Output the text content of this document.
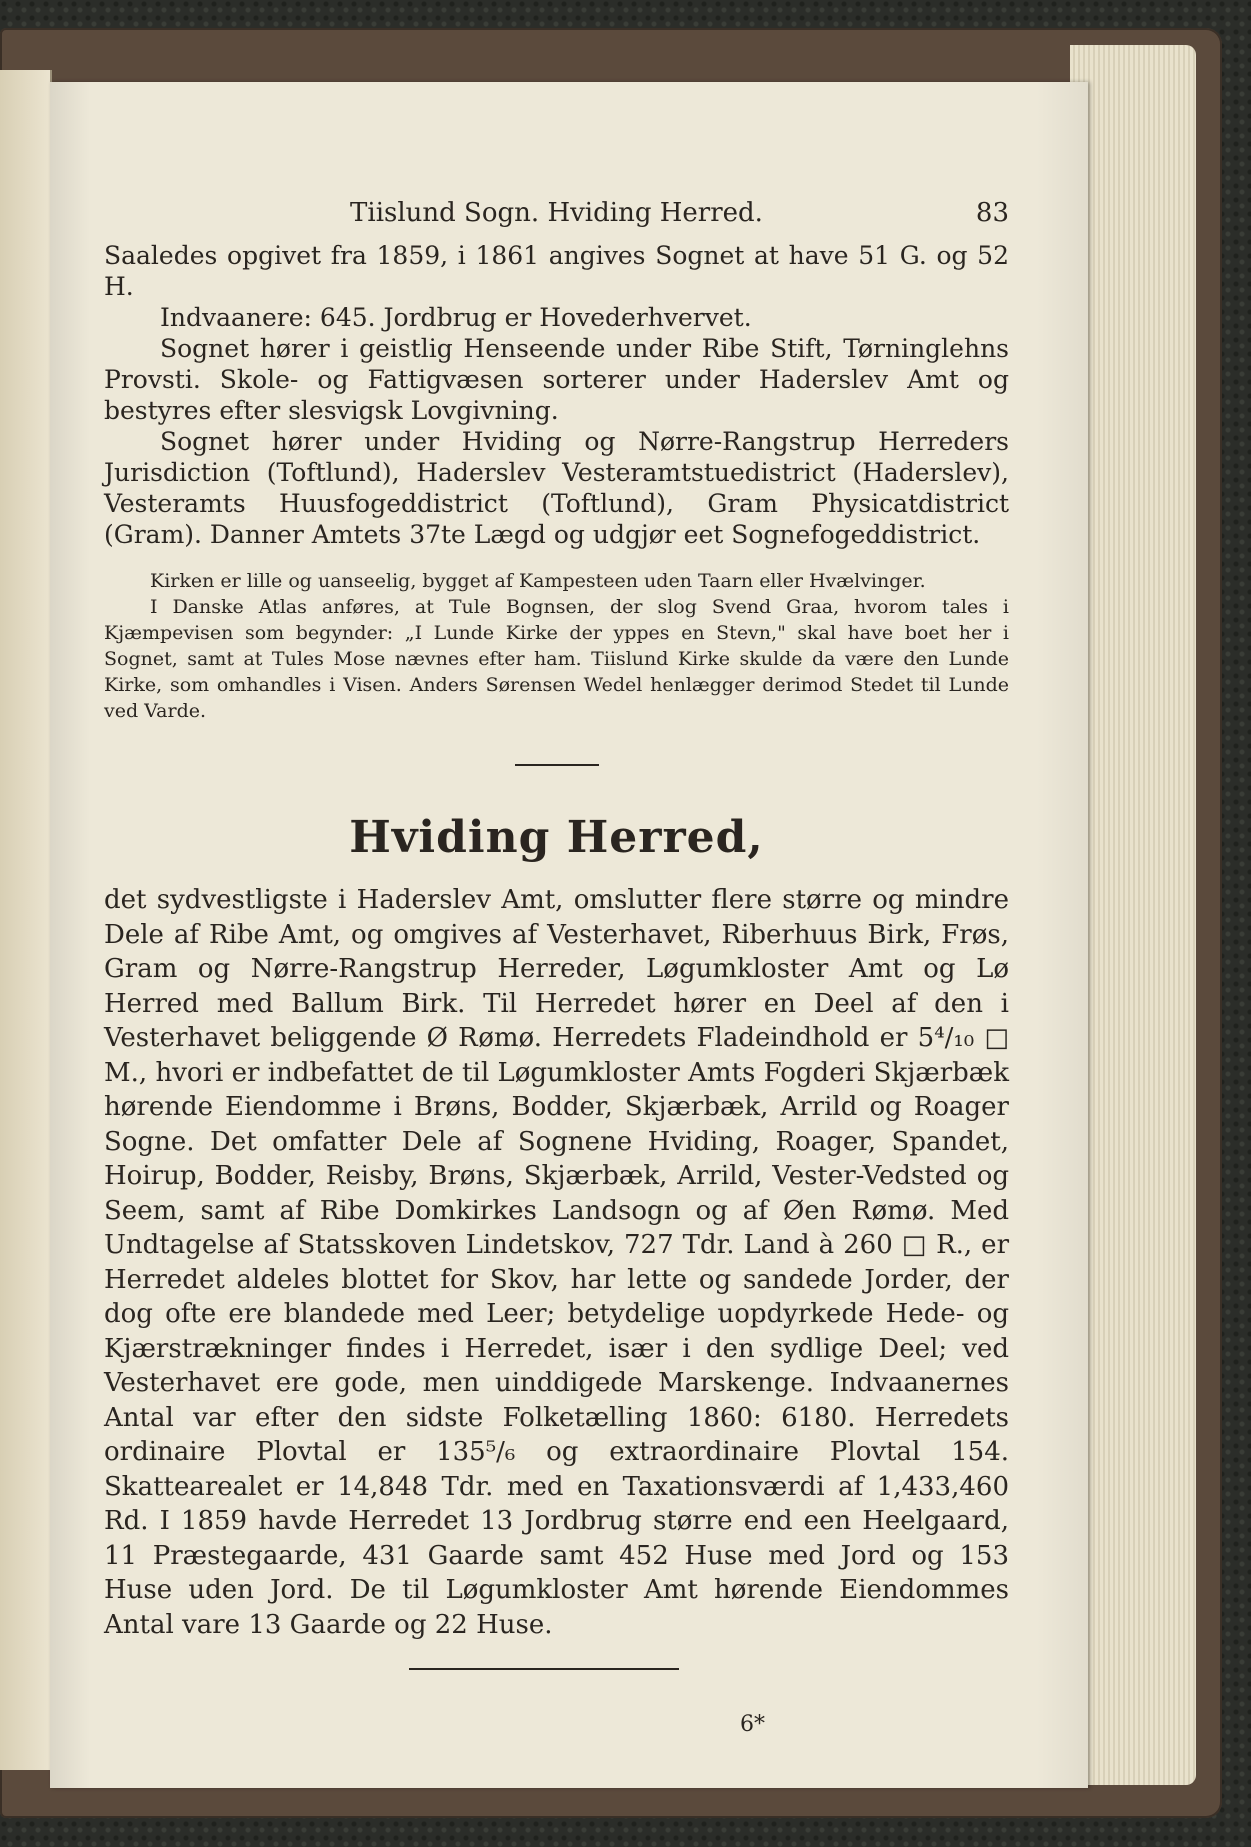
Tiislund Sogn. Hviding Herred.	83

Saaledes opgivet fra 1859, i 1861 angives Sognet at have 51 G. og 52 H.

Indvaanere: 645. Jordbrug er Hovederhvervet.

Sognet hører i geistlig Henseende under Ribe Stift, Tørninglehns Provsti. Skole- og Fattigvæsen sorterer under Haderslev Amt og bestyres efter slesvigsk Lovgivning.

Sognet hører under Hviding og Nørre-Rangstrup Herreders Jurisdiction (Toftlund), Haderslev Vesteramtstuedistrict (Haderslev), Vesteramts Huusfogeddistrict (Toftlund), Gram Physicatdistrict (Gram). Danner Amtets 37te Lægd og udgjør eet Sognefogeddistrict.

Kirken er lille og uanseelig, bygget af Kampesteen uden Taarn eller Hvælvinger.

I Danske Atlas anføres, at Tule Bognsen, der slog Svend Graa, hvorom tales i Kjæmpevisen som begynder: „I Lunde Kirke der yppes en Stevn," skal have boet her i Sognet, samt at Tules Mose nævnes efter ham. Tiislund Kirke skulde da være den Lunde Kirke, som omhandles i Visen. Anders Sørensen Wedel henlægger derimod Stedet til Lunde ved Varde.

Hviding Herred,

det sydvestligste i Haderslev Amt, omslutter flere større og mindre Dele af Ribe Amt, og omgives af Vesterhavet, Riberhuus Birk, Frøs, Gram og Nørre-Rangstrup Herreder, Løgumkloster Amt og Lø Herred med Ballum Birk. Til Herredet hører en Deel af den i Vesterhavet beliggende Ø Rømø. Herredets Fladeindhold er 5⁴/₁₀ □ M., hvori er indbefattet de til Løgumkloster Amts Fogderi Skjærbæk hørende Eiendomme i Brøns, Bodder, Skjærbæk, Arrild og Roager Sogne. Det omfatter Dele af Sognene Hviding, Roager, Spandet, Hoirup, Bodder, Reisby, Brøns, Skjærbæk, Arrild, Vester-Vedsted og Seem, samt af Ribe Domkirkes Landsogn og af Øen Rømø. Med Undtagelse af Statsskoven Lindetskov, 727 Tdr. Land à 260 □ R., er Herredet aldeles blottet for Skov, har lette og sandede Jorder, der dog ofte ere blandede med Leer; betydelige uopdyrkede Hede- og Kjærstrækninger findes i Herredet, især i den sydlige Deel; ved Vesterhavet ere gode, men uinddigede Marskenge. Indvaanernes Antal var efter den sidste Folketælling 1860: 6180. Herredets ordinaire Plovtal er 135⁵/₆ og extraordinaire Plovtal 154. Skattearealet er 14,848 Tdr. med en Taxationsværdi af 1,433,460 Rd. I 1859 havde Herredet 13 Jordbrug større end een Heelgaard, 11 Præstegaarde, 431 Gaarde samt 452 Huse med Jord og 153 Huse uden Jord. De til Løgumkloster Amt hørende Eiendommes Antal vare 13 Gaarde og 22 Huse.

6*
